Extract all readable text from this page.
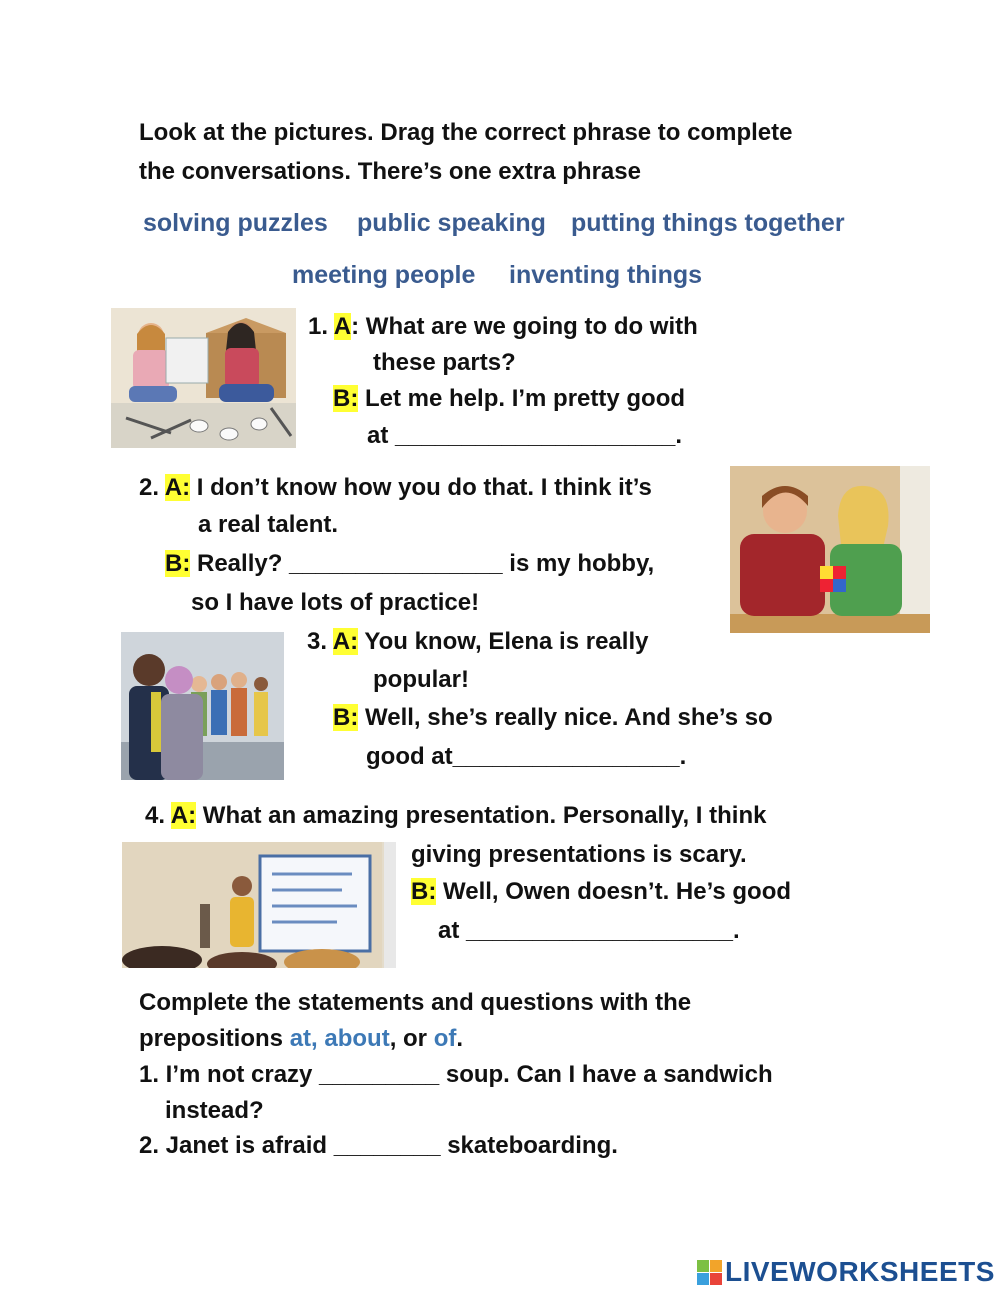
Look at the pictures. Drag the correct phrase to complete
the conversations. There’s one extra phrase
solving puzzles public speaking putting things together
meeting people inventing things
1. A: What are we going to do with
these parts?
B: Let me help. I’m pretty good
at _____________________.
2. A: I don’t know how you do that. I think it’s
a real talent.
B: Really? ________________ is my hobby,
so I have lots of practice!
3. A: You know, Elena is really
popular!
B: Well, she’s really nice. And she’s so
good at_________________.
4. A: What an amazing presentation. Personally, I think
giving presentations is scary.
B: Well, Owen doesn’t. He’s good
at ____________________.
Complete the statements and questions with the
prepositions at, about, or of.
1. I’m not crazy _________ soup. Can I have a sandwich
instead?
2. Janet is afraid ________ skateboarding.
LIVEWORKSHEETS
